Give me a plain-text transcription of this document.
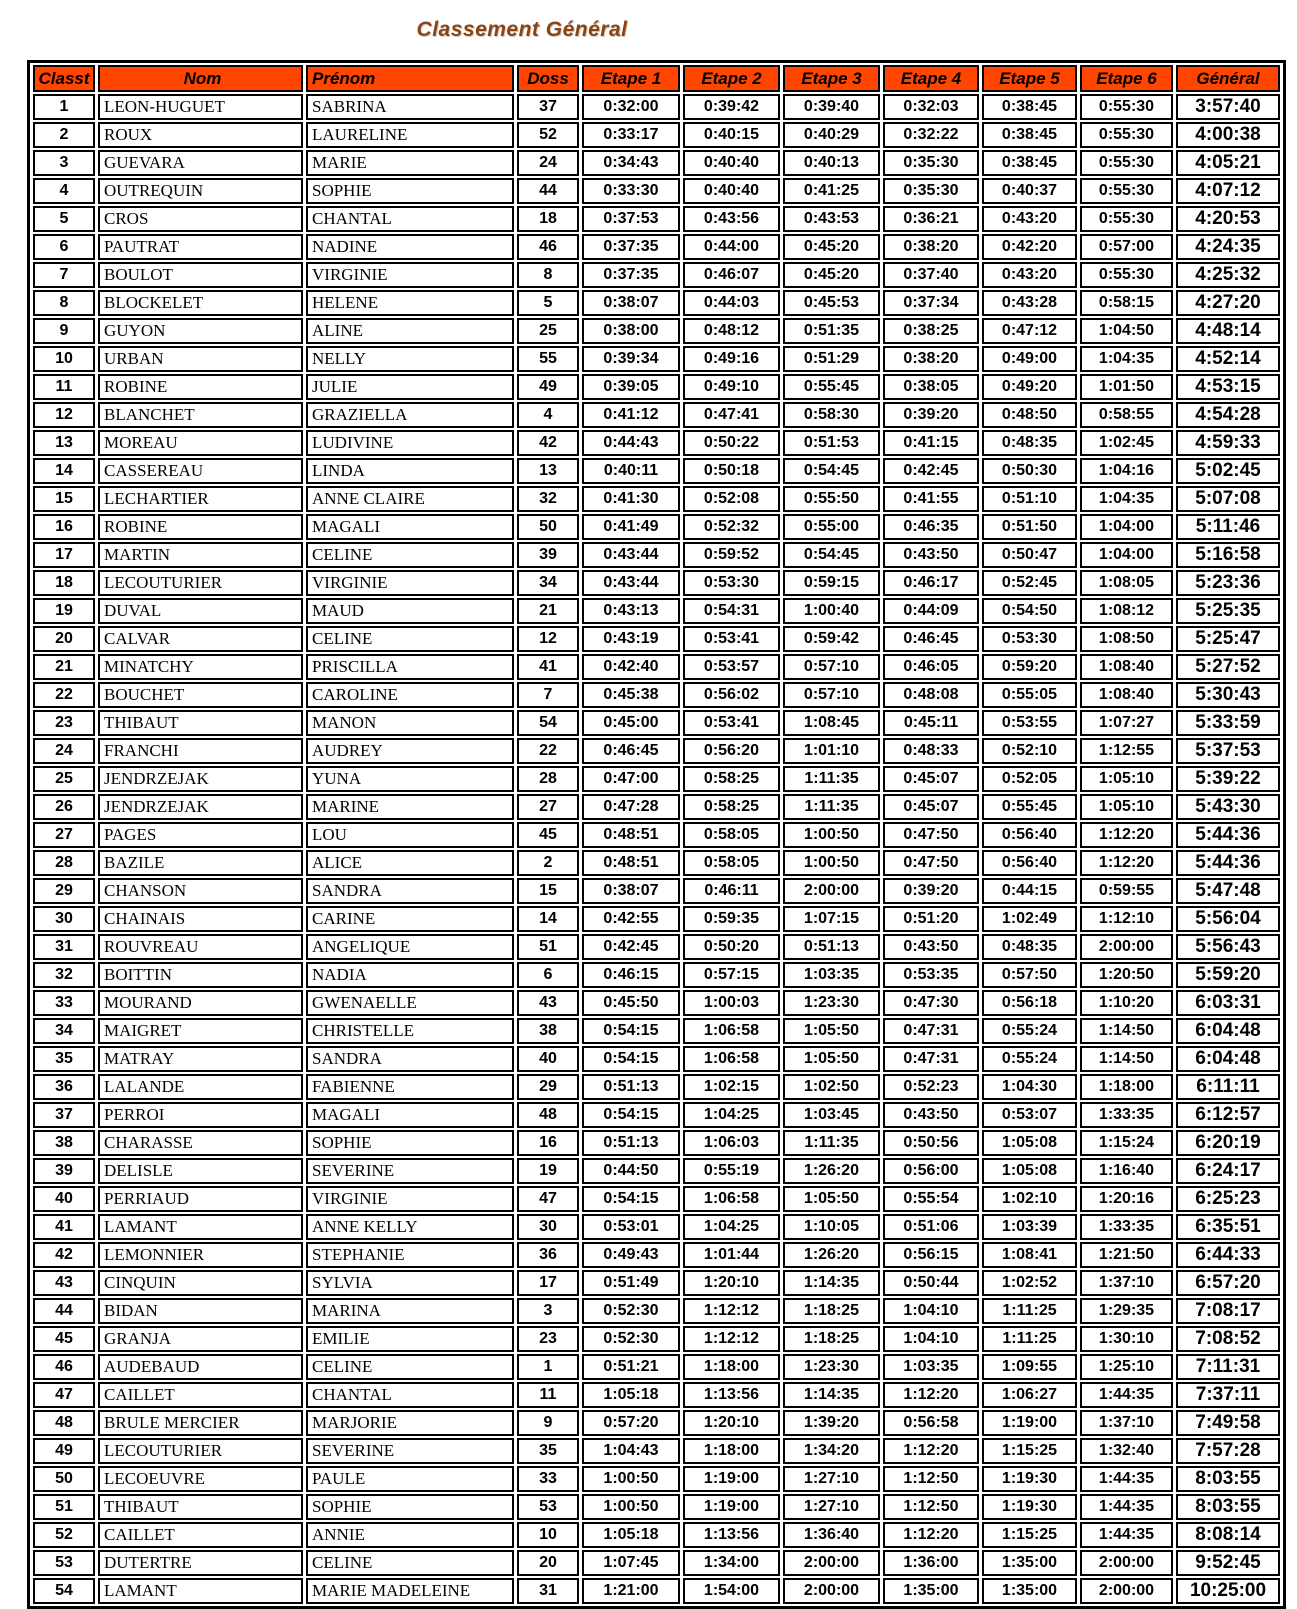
Classement Général
Classt	Nom	Prénom	Doss	Etape 1	Etape 2	Etape 3	Etape 4	Etape 5	Etape 6	Général
1	LEON-HUGUET	SABRINA	37	0:32:00	0:39:42	0:39:40	0:32:03	0:38:45	0:55:30	3:57:40
2	ROUX	LAURELINE	52	0:33:17	0:40:15	0:40:29	0:32:22	0:38:45	0:55:30	4:00:38
3	GUEVARA	MARIE	24	0:34:43	0:40:40	0:40:13	0:35:30	0:38:45	0:55:30	4:05:21
4	OUTREQUIN	SOPHIE	44	0:33:30	0:40:40	0:41:25	0:35:30	0:40:37	0:55:30	4:07:12
5	CROS	CHANTAL	18	0:37:53	0:43:56	0:43:53	0:36:21	0:43:20	0:55:30	4:20:53
6	PAUTRAT	NADINE	46	0:37:35	0:44:00	0:45:20	0:38:20	0:42:20	0:57:00	4:24:35
7	BOULOT	VIRGINIE	8	0:37:35	0:46:07	0:45:20	0:37:40	0:43:20	0:55:30	4:25:32
8	BLOCKELET	HELENE	5	0:38:07	0:44:03	0:45:53	0:37:34	0:43:28	0:58:15	4:27:20
9	GUYON	ALINE	25	0:38:00	0:48:12	0:51:35	0:38:25	0:47:12	1:04:50	4:48:14
10	URBAN	NELLY	55	0:39:34	0:49:16	0:51:29	0:38:20	0:49:00	1:04:35	4:52:14
11	ROBINE	JULIE	49	0:39:05	0:49:10	0:55:45	0:38:05	0:49:20	1:01:50	4:53:15
12	BLANCHET	GRAZIELLA	4	0:41:12	0:47:41	0:58:30	0:39:20	0:48:50	0:58:55	4:54:28
13	MOREAU	LUDIVINE	42	0:44:43	0:50:22	0:51:53	0:41:15	0:48:35	1:02:45	4:59:33
14	CASSEREAU	LINDA	13	0:40:11	0:50:18	0:54:45	0:42:45	0:50:30	1:04:16	5:02:45
15	LECHARTIER	ANNE CLAIRE	32	0:41:30	0:52:08	0:55:50	0:41:55	0:51:10	1:04:35	5:07:08
16	ROBINE	MAGALI	50	0:41:49	0:52:32	0:55:00	0:46:35	0:51:50	1:04:00	5:11:46
17	MARTIN	CELINE	39	0:43:44	0:59:52	0:54:45	0:43:50	0:50:47	1:04:00	5:16:58
18	LECOUTURIER	VIRGINIE	34	0:43:44	0:53:30	0:59:15	0:46:17	0:52:45	1:08:05	5:23:36
19	DUVAL	MAUD	21	0:43:13	0:54:31	1:00:40	0:44:09	0:54:50	1:08:12	5:25:35
20	CALVAR	CELINE	12	0:43:19	0:53:41	0:59:42	0:46:45	0:53:30	1:08:50	5:25:47
21	MINATCHY	PRISCILLA	41	0:42:40	0:53:57	0:57:10	0:46:05	0:59:20	1:08:40	5:27:52
22	BOUCHET	CAROLINE	7	0:45:38	0:56:02	0:57:10	0:48:08	0:55:05	1:08:40	5:30:43
23	THIBAUT	MANON	54	0:45:00	0:53:41	1:08:45	0:45:11	0:53:55	1:07:27	5:33:59
24	FRANCHI	AUDREY	22	0:46:45	0:56:20	1:01:10	0:48:33	0:52:10	1:12:55	5:37:53
25	JENDRZEJAK	YUNA	28	0:47:00	0:58:25	1:11:35	0:45:07	0:52:05	1:05:10	5:39:22
26	JENDRZEJAK	MARINE	27	0:47:28	0:58:25	1:11:35	0:45:07	0:55:45	1:05:10	5:43:30
27	PAGES	LOU	45	0:48:51	0:58:05	1:00:50	0:47:50	0:56:40	1:12:20	5:44:36
28	BAZILE	ALICE	2	0:48:51	0:58:05	1:00:50	0:47:50	0:56:40	1:12:20	5:44:36
29	CHANSON	SANDRA	15	0:38:07	0:46:11	2:00:00	0:39:20	0:44:15	0:59:55	5:47:48
30	CHAINAIS	CARINE	14	0:42:55	0:59:35	1:07:15	0:51:20	1:02:49	1:12:10	5:56:04
31	ROUVREAU	ANGELIQUE	51	0:42:45	0:50:20	0:51:13	0:43:50	0:48:35	2:00:00	5:56:43
32	BOITTIN	NADIA	6	0:46:15	0:57:15	1:03:35	0:53:35	0:57:50	1:20:50	5:59:20
33	MOURAND	GWENAELLE	43	0:45:50	1:00:03	1:23:30	0:47:30	0:56:18	1:10:20	6:03:31
34	MAIGRET	CHRISTELLE	38	0:54:15	1:06:58	1:05:50	0:47:31	0:55:24	1:14:50	6:04:48
35	MATRAY	SANDRA	40	0:54:15	1:06:58	1:05:50	0:47:31	0:55:24	1:14:50	6:04:48
36	LALANDE	FABIENNE	29	0:51:13	1:02:15	1:02:50	0:52:23	1:04:30	1:18:00	6:11:11
37	PERROI	MAGALI	48	0:54:15	1:04:25	1:03:45	0:43:50	0:53:07	1:33:35	6:12:57
38	CHARASSE	SOPHIE	16	0:51:13	1:06:03	1:11:35	0:50:56	1:05:08	1:15:24	6:20:19
39	DELISLE	SEVERINE	19	0:44:50	0:55:19	1:26:20	0:56:00	1:05:08	1:16:40	6:24:17
40	PERRIAUD	VIRGINIE	47	0:54:15	1:06:58	1:05:50	0:55:54	1:02:10	1:20:16	6:25:23
41	LAMANT	ANNE KELLY	30	0:53:01	1:04:25	1:10:05	0:51:06	1:03:39	1:33:35	6:35:51
42	LEMONNIER	STEPHANIE	36	0:49:43	1:01:44	1:26:20	0:56:15	1:08:41	1:21:50	6:44:33
43	CINQUIN	SYLVIA	17	0:51:49	1:20:10	1:14:35	0:50:44	1:02:52	1:37:10	6:57:20
44	BIDAN	MARINA	3	0:52:30	1:12:12	1:18:25	1:04:10	1:11:25	1:29:35	7:08:17
45	GRANJA	EMILIE	23	0:52:30	1:12:12	1:18:25	1:04:10	1:11:25	1:30:10	7:08:52
46	AUDEBAUD	CELINE	1	0:51:21	1:18:00	1:23:30	1:03:35	1:09:55	1:25:10	7:11:31
47	CAILLET	CHANTAL	11	1:05:18	1:13:56	1:14:35	1:12:20	1:06:27	1:44:35	7:37:11
48	BRULE MERCIER	MARJORIE	9	0:57:20	1:20:10	1:39:20	0:56:58	1:19:00	1:37:10	7:49:58
49	LECOUTURIER	SEVERINE	35	1:04:43	1:18:00	1:34:20	1:12:20	1:15:25	1:32:40	7:57:28
50	LECOEUVRE	PAULE	33	1:00:50	1:19:00	1:27:10	1:12:50	1:19:30	1:44:35	8:03:55
51	THIBAUT	SOPHIE	53	1:00:50	1:19:00	1:27:10	1:12:50	1:19:30	1:44:35	8:03:55
52	CAILLET	ANNIE	10	1:05:18	1:13:56	1:36:40	1:12:20	1:15:25	1:44:35	8:08:14
53	DUTERTRE	CELINE	20	1:07:45	1:34:00	2:00:00	1:36:00	1:35:00	2:00:00	9:52:45
54	LAMANT	MARIE MADELEINE	31	1:21:00	1:54:00	2:00:00	1:35:00	1:35:00	2:00:00	10:25:00
